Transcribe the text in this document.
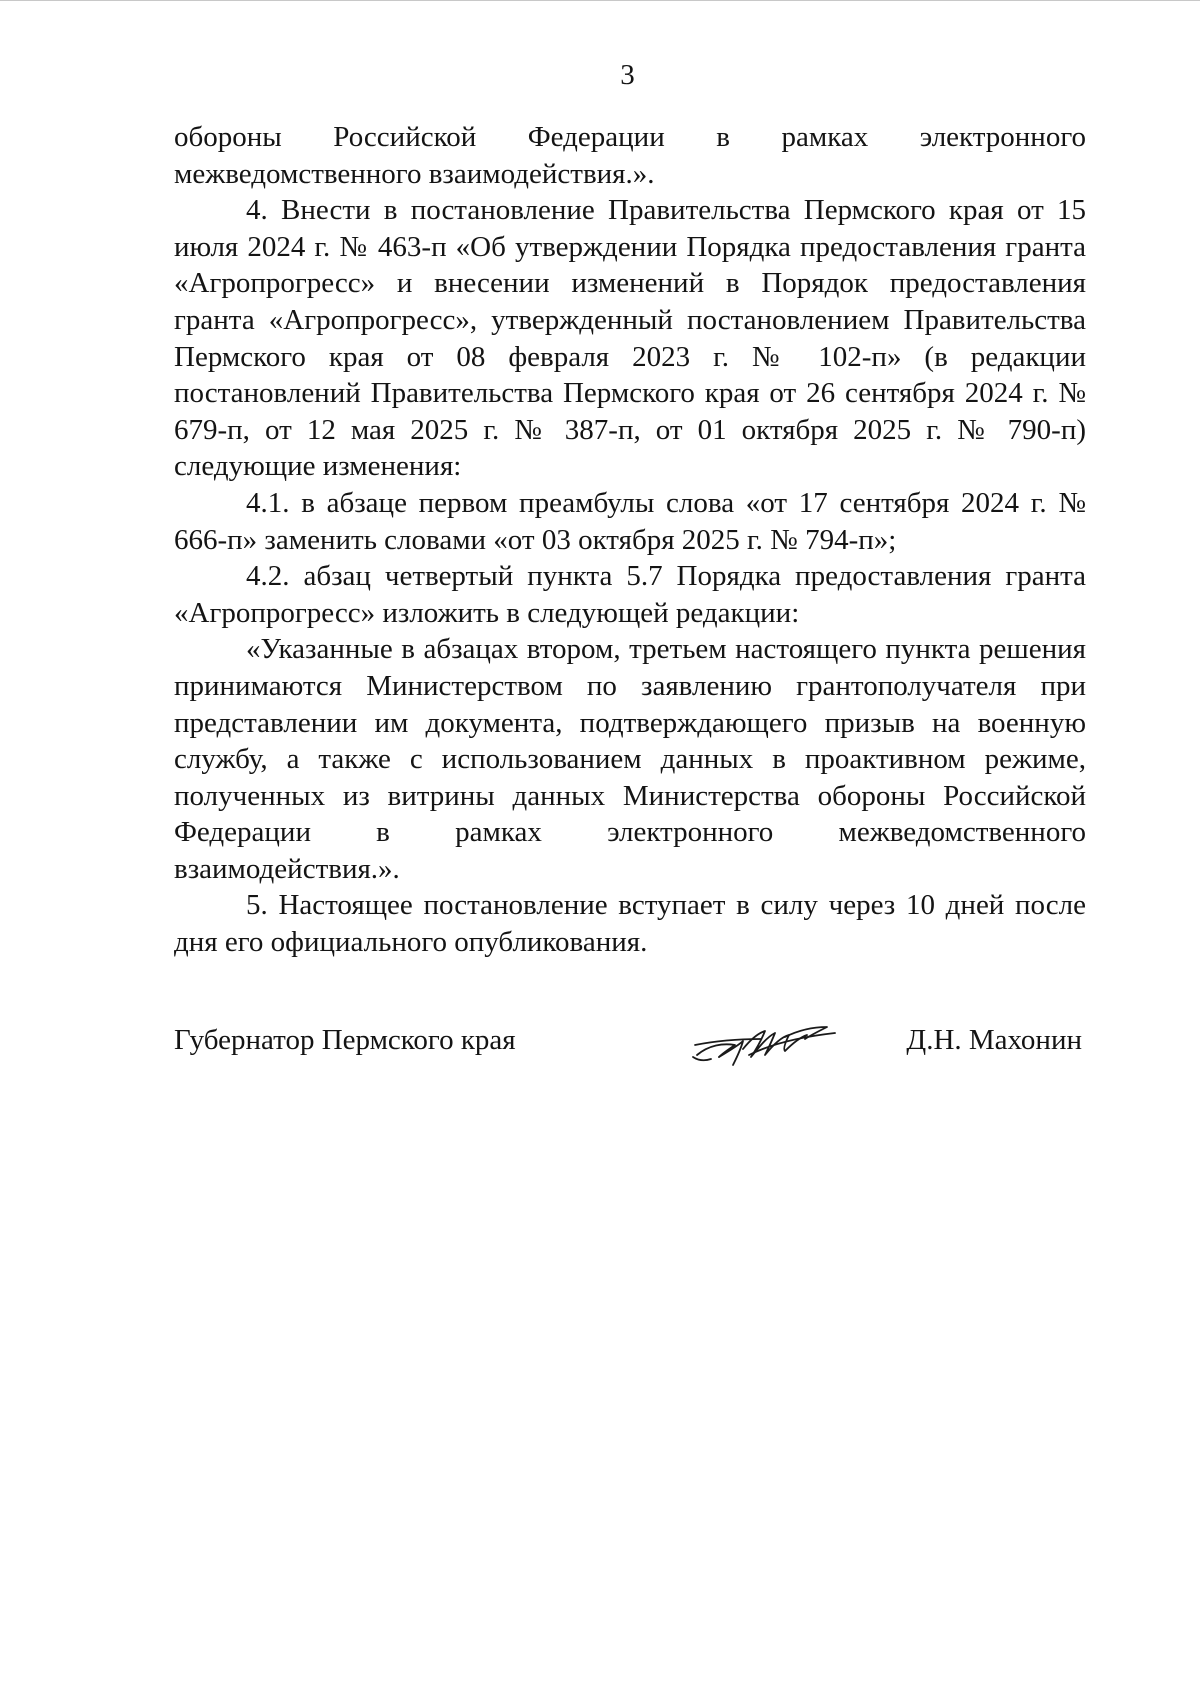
3

обороны Российской Федерации в рамках электронного межведомственного взаимодействия.».

4. Внести в постановление Правительства Пермского края от 15 июля 2024 г. № 463-п «Об утверждении Порядка предоставления гранта «Агропрогресс» и внесении изменений в Порядок предоставления гранта «Агропрогресс», утвержденный постановлением Правительства Пермского края от 08 февраля 2023 г. № 102-п» (в редакции постановлений Правительства Пермского края от 26 сентября 2024 г. № 679-п, от 12 мая 2025 г. № 387-п, от 01 октября 2025 г. № 790-п) следующие изменения:

4.1. в абзаце первом преамбулы слова «от 17 сентября 2024 г. № 666-п» заменить словами «от 03 октября 2025 г. № 794-п»;

4.2. абзац четвертый пункта 5.7 Порядка предоставления гранта «Агропрогресс» изложить в следующей редакции:

«Указанные в абзацах втором, третьем настоящего пункта решения принимаются Министерством по заявлению грантополучателя при представлении им документа, подтверждающего призыв на военную службу, а также с использованием данных в проактивном режиме, полученных из витрины данных Министерства обороны Российской Федерации в рамках электронного межведомственного взаимодействия.».

5. Настоящее постановление вступает в силу через 10 дней после дня его официального опубликования.

Губернатор Пермского края	Д.Н. Махонин
